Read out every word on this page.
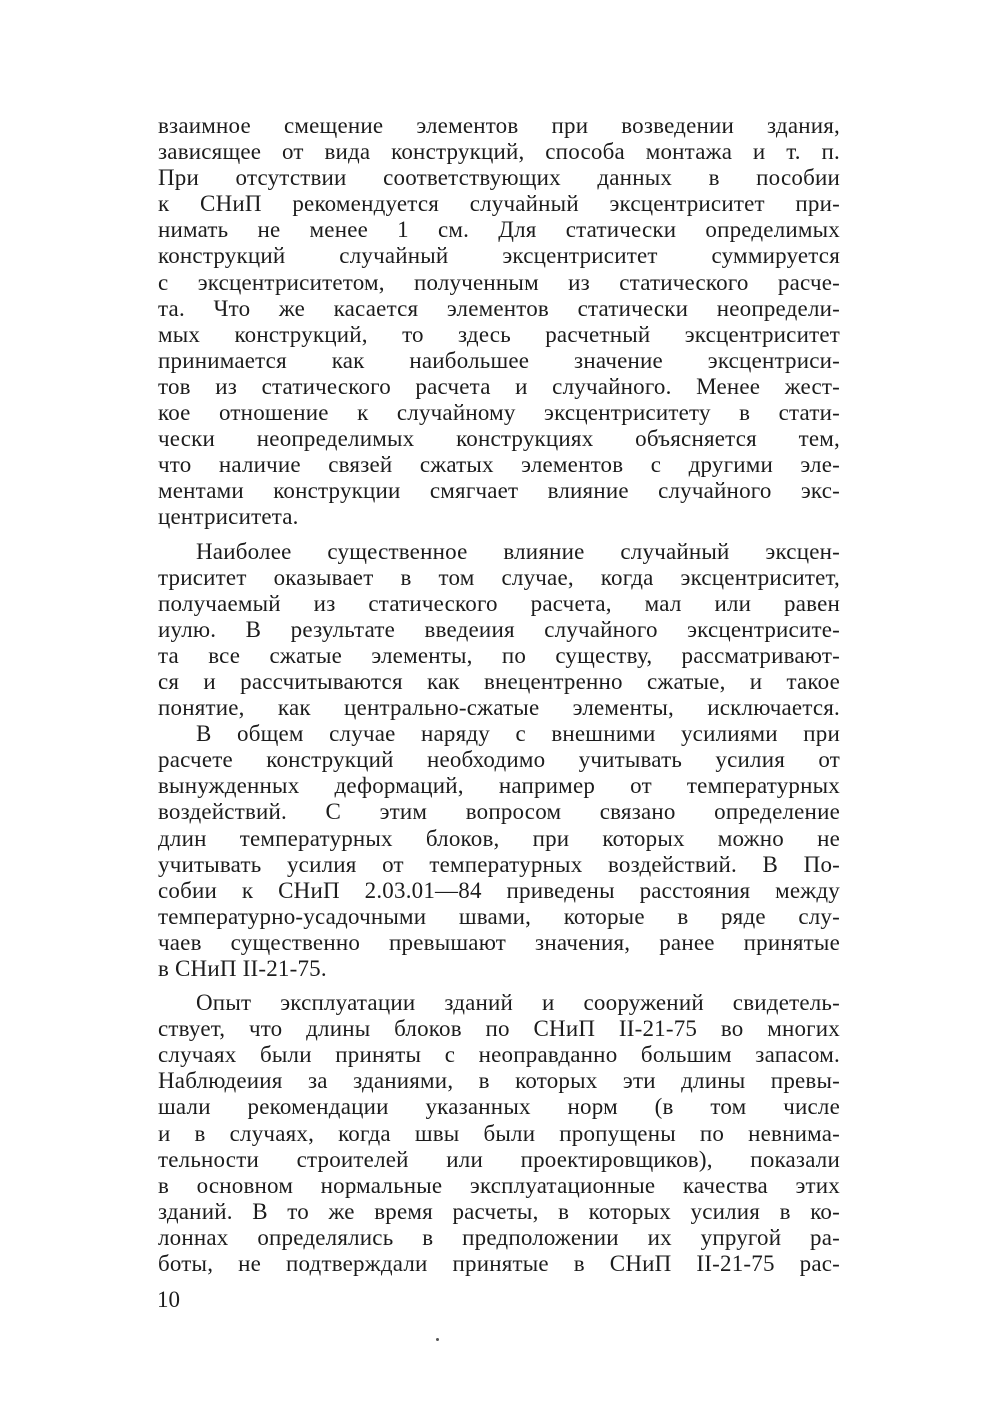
взаимное смещение элементов при возведении здания,
зависящее от вида конструкций, способа монтажа и т. п.
При отсутствии соответствующих данных в пособии
к СНиП рекомендуется случайный эксцентриситет при-
нимать не менее 1 см. Для статически определимых
конструкций случайный эксцентриситет суммируется
с эксцентриситетом, полученным из статического расче-
та. Что же касается элементов статически неопредели-
мых конструкций, то здесь расчетный эксцентриситет
принимается как наибольшее значение эксцентриси-
тов из статического расчета и случайного. Менее жест-
кое отношение к случайному эксцентриситету в стати-
чески неопределимых конструкциях объясняется тем,
что наличие связей сжатых элементов с другими эле-
ментами конструкции смягчает влияние случайного экс-
центриситета.

Наиболее существенное влияние случайный эксцен-
триситет оказывает в том случае, когда эксцентриситет,
получаемый из статического расчета, мал или равен
иулю. В результате введеиия случайного эксцентрисите-
та все сжатые элементы, по существу, рассматривают-
ся и рассчитываются как внецентренно сжатые, и такое
понятие, как центрально-сжатые элементы, исключается.

В общем случае наряду с внешними усилиями при
расчете конструкций необходимо учитывать усилия от
вынужденных деформаций, например от температурных
воздействий. С этим вопросом связано определение
длин температурных блоков, при которых можно не
учитывать усилия от температурных воздействий. В По-
собии к СНиП 2.03.01—84 приведены расстояния между
температурно-усадочными швами, которые в ряде слу-
чаев существенно превышают значения, ранее принятые
в СНиП II-21-75.

Опыт эксплуатации зданий и сооружений свидетель-
ствует, что длины блоков по СНиП II-21-75 во многих
случаях были приняты с неоправданно большим запасом.
Наблюдеиия за зданиями, в которых эти длины превы-
шали рекомендации указанных норм (в том числе
и в случаях, когда швы были пропущены по невнима-
тельности строителей или проектировщиков), показали
в основном нормальные эксплуатационные качества этих
зданий. В то же время расчеты, в которых усилия в ко-
лоннах определялись в предположении их упругой ра-
боты, не подтверждали принятые в СНиП II-21-75 рас-

10
